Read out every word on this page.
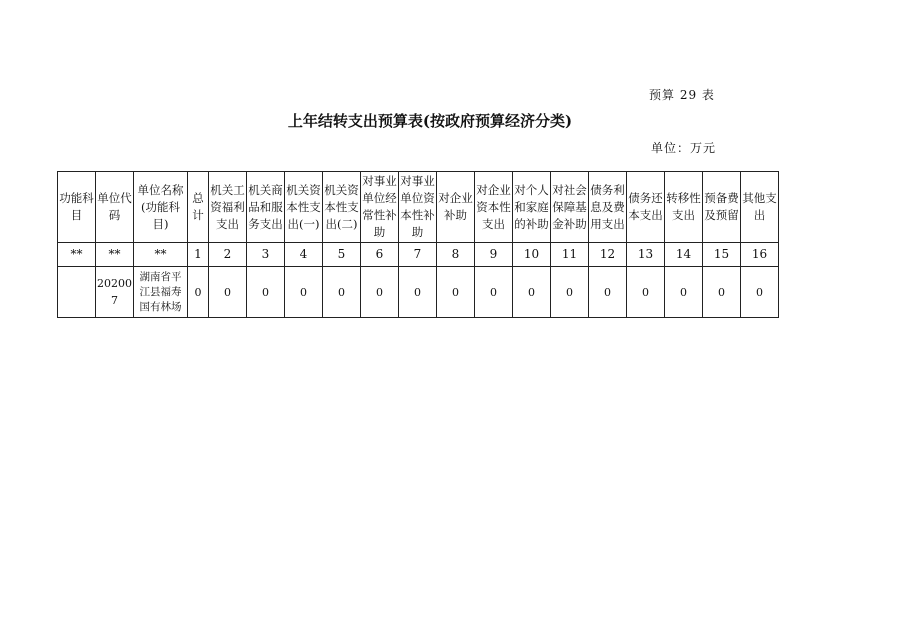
预算 29 表
上年结转支出预算表(按政府预算经济分类)
单位：万元
功能科目	单位代码	单位名称(功能科目)	总计	机关工资福利支出	机关商品和服务支出	机关资本性支出(一)	机关资本性支出(二)	对事业单位经常性补助	对事业单位资本性补助	对企业补助	对企业资本性支出	对个人和家庭的补助	对社会保障基金补助	债务利息及费用支出	债务还本支出	转移性支出	预备费及预留	其他支出
**	**	**	1	2	3	4	5	6	7	8	9	10	11	12	13	14	15	16
	202007	湖南省平江县福寿国有林场	0	0	0	0	0	0	0	0	0	0	0	0	0	0	0	0
